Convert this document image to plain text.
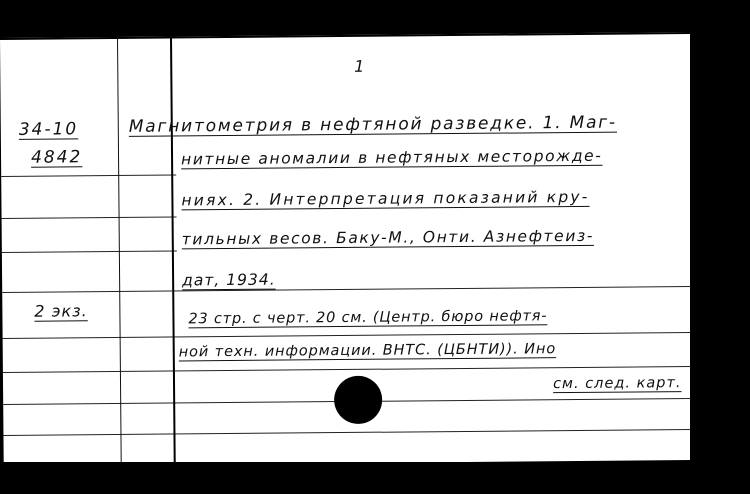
1
34-10
4842
2 экз.
Магнитометрия в нефтяной разведке. 1. Маг-
нитные аномалии в нефтяных месторожде-
ниях. 2. Интерпретация показаний кру-
тильных весов. Баку-М., Онти. Азнефтеиз-
дат, 1934.
23 стр. с черт. 20 см. (Центр. бюро нефтя-
ной техн. информации. ВНТС. (ЦБНТИ)). Ино
см. след. карт.
